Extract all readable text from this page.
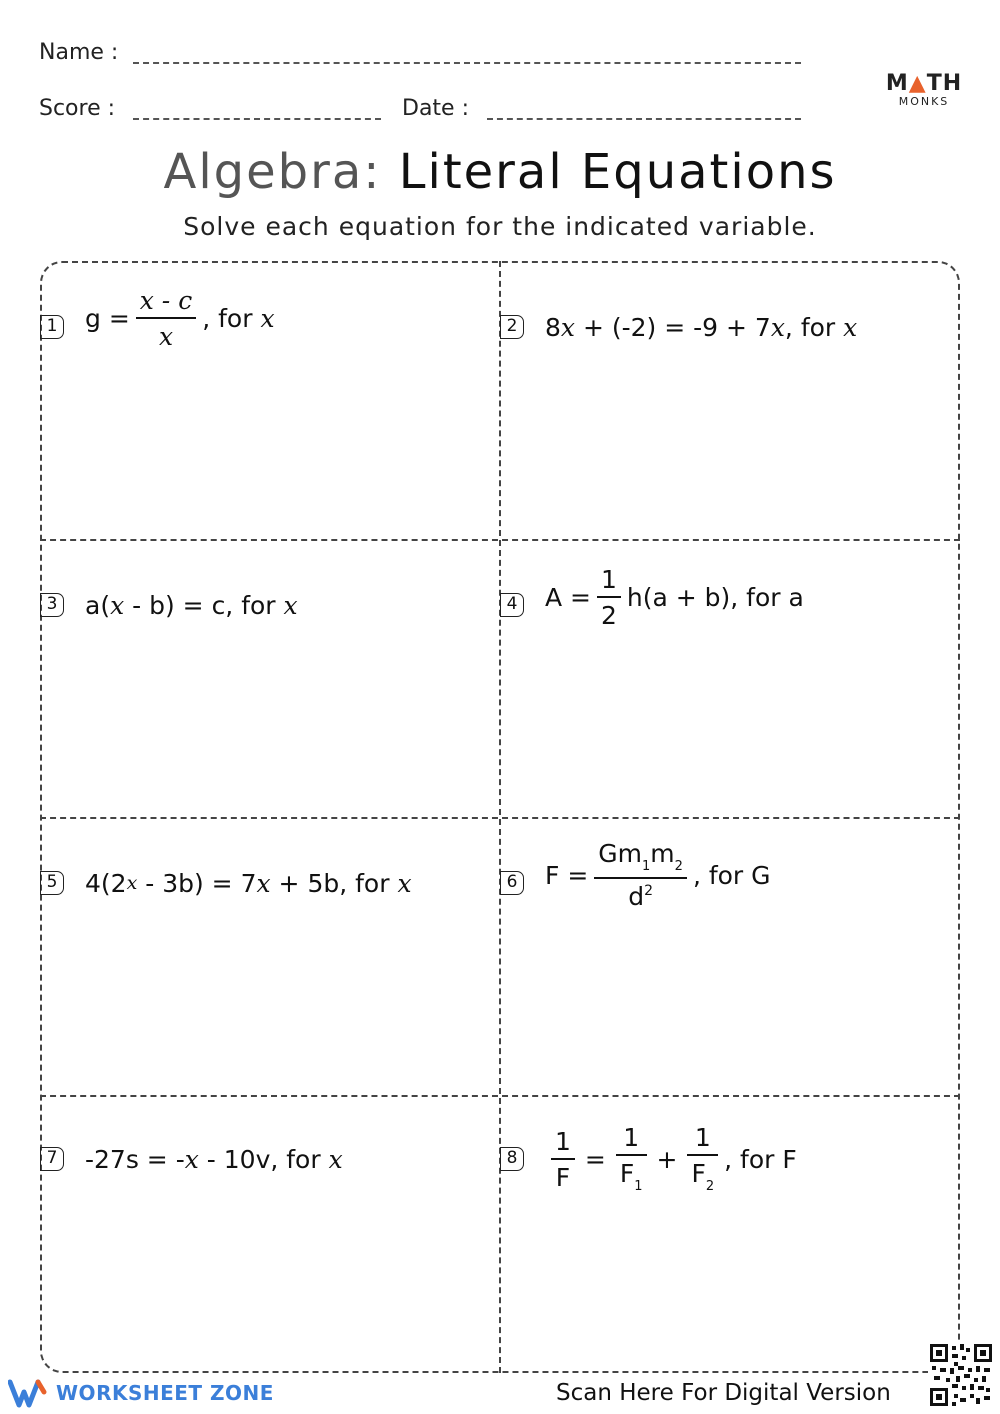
Name :
Score :	Date :
M▲TH
MONKS
Algebra: Literal Equations
Solve each equation for the indicated variable.
1 $g = \frac{x - c}{x}$ , for
x	2 8 x + (-2) = -9 + 7 x , for
x
3 a( x - b) = c, for
x	4 $A = \frac{1}{2} h(a + b)$, for a
5 4(2 x - 3b) = 7 x + 5b, for
x	6 $F = \frac{Gm_1m_2}{d^2}$ , for G
7 -27s = - x - 10v, for
x	$8 \frac{1}{F} = \frac{1}{F_1} + \frac{1}{F_2}$ , for F
WORKSHEET ZONE	Scan Here For Digital Version
